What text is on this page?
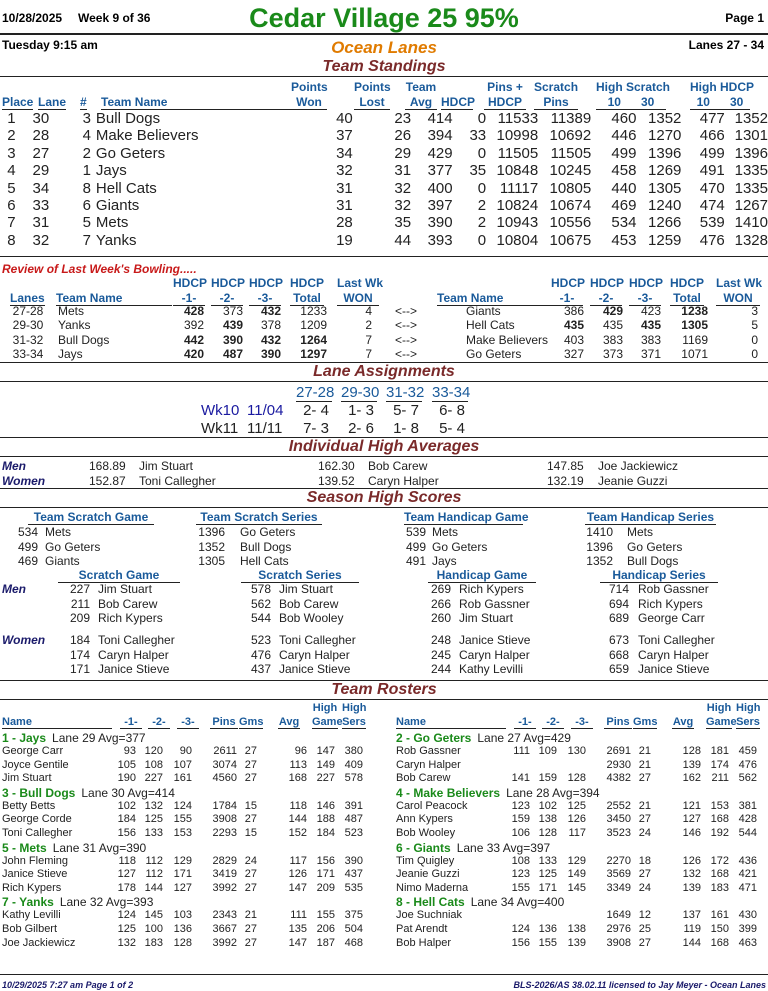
10/28/2025 Week 9 of 36	Cedar Village 25 95%	Page 1
Tuesday 9:15 am	Ocean Lanes	Lanes 27 - 34
Team Standings
Place Lane # Team Name
Points
Won
Points
Lost
Team
Avg HDCP
Pins +
HDCP
Scratch
Pins
High Scratch
10 30
High HDCP
10 30
1	30	3	Bull Dogs	40	23	414	0	11533	11389	460	1352	477	1352
2	28	4	Make Believers	37	26	394	33	10998	10692	446	1270	466	1301
3	27	2	Go Geters	34	29	429	0	11505	11505	499	1396	499	1396
4	29	1	Jays	32	31	377	35	10848	10245	458	1269	491	1335
5	34	8	Hell Cats	31	32	400	0	11117	10805	440	1305	470	1335
6	33	6	Giants	31	32	397	2	10824	10674	469	1240	474	1267
7	31	5	Mets	28	35	390	2	10943	10556	534	1266	539	1410
8	32	7	Yanks	19	44	393	0	10804	10675	453	1259	476	1328
Review of Last Week's Bowling.....
Lanes Team Name
HDCP
-1-
HDCP
-2-
HDCP
-3-
HDCP
Total
Last Wk
WON	Team Name
HDCP
-1-
HDCP
-2-
HDCP
-3-
HDCP
Total
Last Wk
WON
27-28	Mets	428	373	432	1233	4	<-->	Giants	386	429	423	1238	3
29-30	Yanks	392	439	378	1209	2	<-->	Hell Cats	435	435	435	1305	5
31-32	Bull Dogs	442	390	432	1264	7	<-->	Make Believers	403	383	383	1169	0
33-34	Jays	420	487	390	1297	7	<-->	Go Geters	327	373	371	1071	0
Lane Assignments
27-28 29-30 31-32 33-34
Wk10 11/04 2- 4 1- 3 5- 7 6- 8
Wk11 11/11 7- 3 2- 6 1- 8 5- 4
Individual High Averages
Men
Women
168.89 Jim Stuart	162.30 Bob Carew	147.85 Joe Jackiewicz
152.87 Toni Callegher	139.52 Caryn Halper	132.19 Jeanie Guzzi
Season High Scores
Team Scratch Game
534 Mets
499 Go Geters
469 Giants
Team Scratch Series
1396 Go Geters
1352 Bull Dogs
1305 Hell Cats
Team Handicap Game
539 Mets
499 Go Geters
491 Jays
Team Handicap Series
1410 Mets
1396 Go Geters
1352 Bull Dogs
Scratch Game
227 Jim Stuart
211 Bob Carew
209 Rich Kypers
184 Toni Callegher
174 Caryn Halper
171 Janice Stieve
Scratch Series
578 Jim Stuart
562 Bob Carew
544 Bob Wooley
523 Toni Callegher
476 Caryn Halper
437 Janice Stieve
Handicap Game
269 Rich Kypers
266 Rob Gassner
260 Jim Stuart
248 Janice Stieve
245 Caryn Halper
244 Kathy Levilli
Handicap Series
714 Rob Gassner
694 Rich Kypers
689 George Carr
673 Toni Callegher
668 Caryn Halper
659 Janice Stieve
Men
Women
Team Rosters
Name	-1-	-2-	-3-	Pins Gms Avg
High
Game
High
Sers
1 - Jays Lane 29 Avg=377
George Carr	93 120	90	2611 27	96 147 380
Joyce Gentile	105 108 107	3074 27	113 149 409
Jim Stuart	190 227 161	4560 27	168 227 578
3 - Bull Dogs Lane 30 Avg=414
Betty Betts	102 132 124	1784 15	118 146 391
George Corde	184 125 155	3908 27	144 188 487
Toni Callegher	156 133 153	2293 15	152 184 523
5 - Mets Lane 31 Avg=390
John Fleming	118 112 129	2829 24	117 156 390
Janice Stieve	127 112 171	3419 27	126 171 437
Rich Kypers	178 144 127	3992 27	147 209 535
7 - Yanks Lane 32 Avg=393
Kathy Levilli	124 145 103	2343 21	111 155 375
Bob Gilbert	125 100 136	3667 27	135 206 504
Joe Jackiewicz	132 183 128	3992 27	147 187 468
Name	-1-	-2-	-3-	Pins Gms Avg
High
Game
High
Sers
2 - Go Geters Lane 27 Avg=429
Rob Gassner	111 109 130	2691 21	128 181 459
Caryn Halper	2930 21	139 174 476
Bob Carew	141 159 128	4382 27	162 211 562
4 - Make Believers Lane 28 Avg=394
Carol Peacock	123 102 125	2552 21	121 153 381
Ann Kypers	159 138 126	3450 27	127 168 428
Bob Wooley	106 128	117	3523 24	146 192 544
6 - Giants Lane 33 Avg=397
Tim Quigley	108 133 129	2270 18	126 172 436
Jeanie Guzzi	123 125 149	3569 27	132 168 421
Nimo Maderna	155 171 145	3349 24	139 183 471
8 - Hell Cats Lane 34 Avg=400
Joe Suchniak	1649 12	137 161 430
Pat Arendt	124 136 138	2976 25	119 150 399
Bob Halper	156 155 139	3908 27	144 168 463
10/29/2025 7:27 am Page 1 of 2	BLS-2026/AS 38.02.11 licensed to Jay Meyer - Ocean Lanes
